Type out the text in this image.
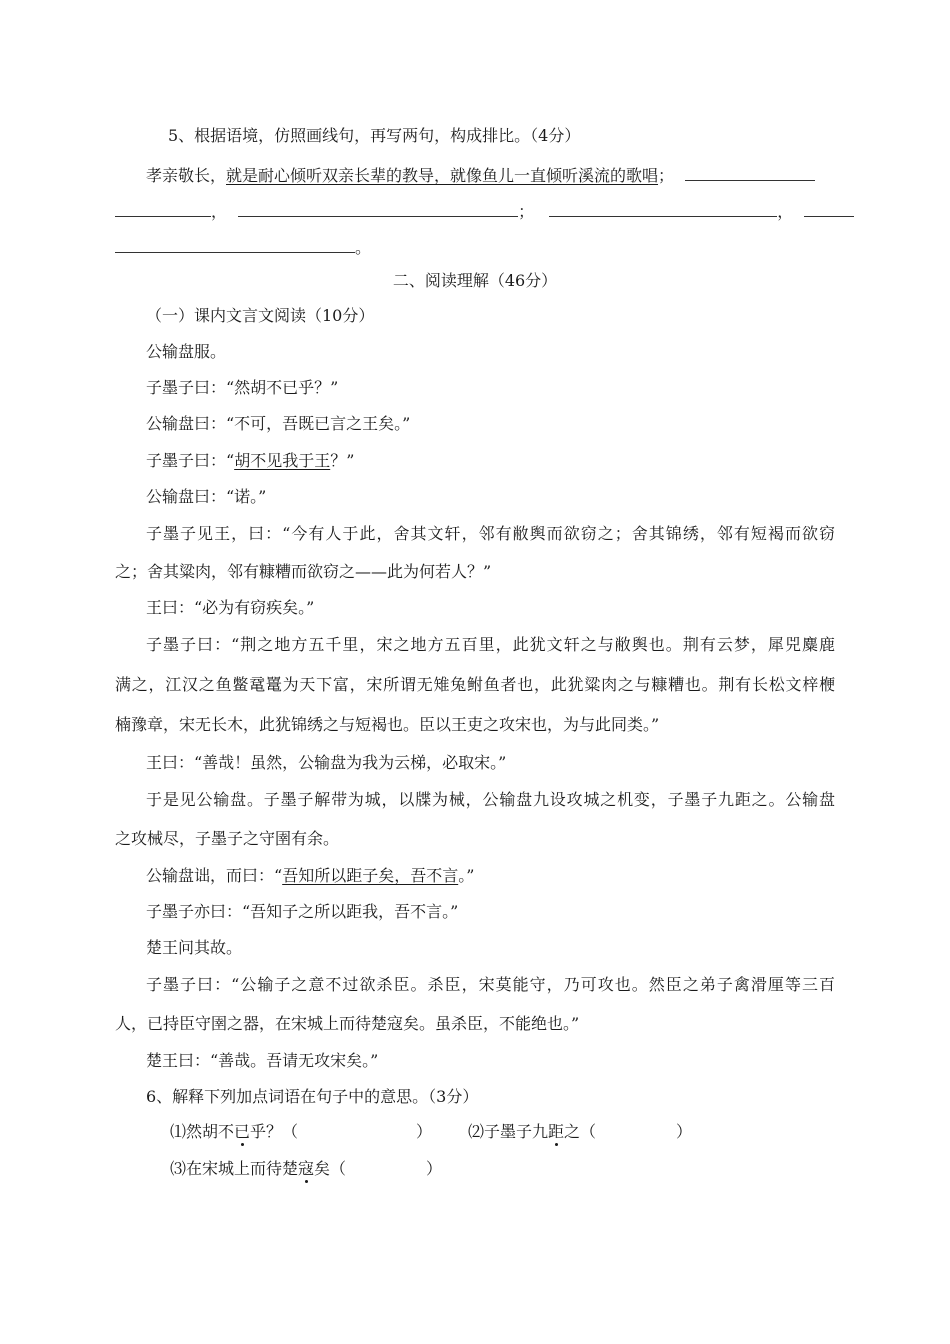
5、根据语境，仿照画线句，再写两句，构成排比。（4分）
孝亲敬长，就是耐心倾听双亲长辈的教导，就像鱼儿一直倾听溪流的歌唱；
，	；	，
。
二、阅读理解（46分）
（一）课内文言文阅读（10分）
公输盘服。
子墨子曰：“然胡不已乎？”
公输盘曰：“不可，吾既已言之王矣。”
子墨子曰：“胡不见我于王？”
公输盘曰：“诺。”
子墨子见王，曰：“今有人于此，舍其文轩，邻有敝舆而欲窃之；舍其锦绣，邻有短褐而欲窃
之；舍其粱肉，邻有糠糟而欲窃之——此为何若人？”
王曰：“必为有窃疾矣。”
子墨子曰：“荆之地方五千里，宋之地方五百里，此犹文轩之与敝舆也。荆有云梦，犀兕麋鹿
满之，江汉之鱼鳖鼋鼍为天下富，宋所谓无雉兔鲋鱼者也，此犹粱肉之与糠糟也。荆有长松文梓楩
楠豫章，宋无长木，此犹锦绣之与短褐也。臣以王吏之攻宋也，为与此同类。”
王曰：“善哉！虽然，公输盘为我为云梯，必取宋。”
于是见公输盘。子墨子解带为城，以牒为械，公输盘九设攻城之机变，子墨子九距之。公输盘
之攻械尽，子墨子之守圉有余。
公输盘诎，而曰：“吾知所以距子矣，吾不言。”
子墨子亦曰：“吾知子之所以距我，吾不言。”
楚王问其故。
子墨子曰：“公输子之意不过欲杀臣。杀臣，宋莫能守，乃可攻也。然臣之弟子禽滑厘等三百
人，已持臣守圉之器，在宋城上而待楚寇矣。虽杀臣，不能绝也。”
楚王曰：“善哉。吾请无攻宋矣。”
6、解释下列加点词语在句子中的意思。（3分）
⑴然胡不已乎？（	） ⑵子墨子九距之（	）
⑶在宋城上而待楚寇矣（	）
